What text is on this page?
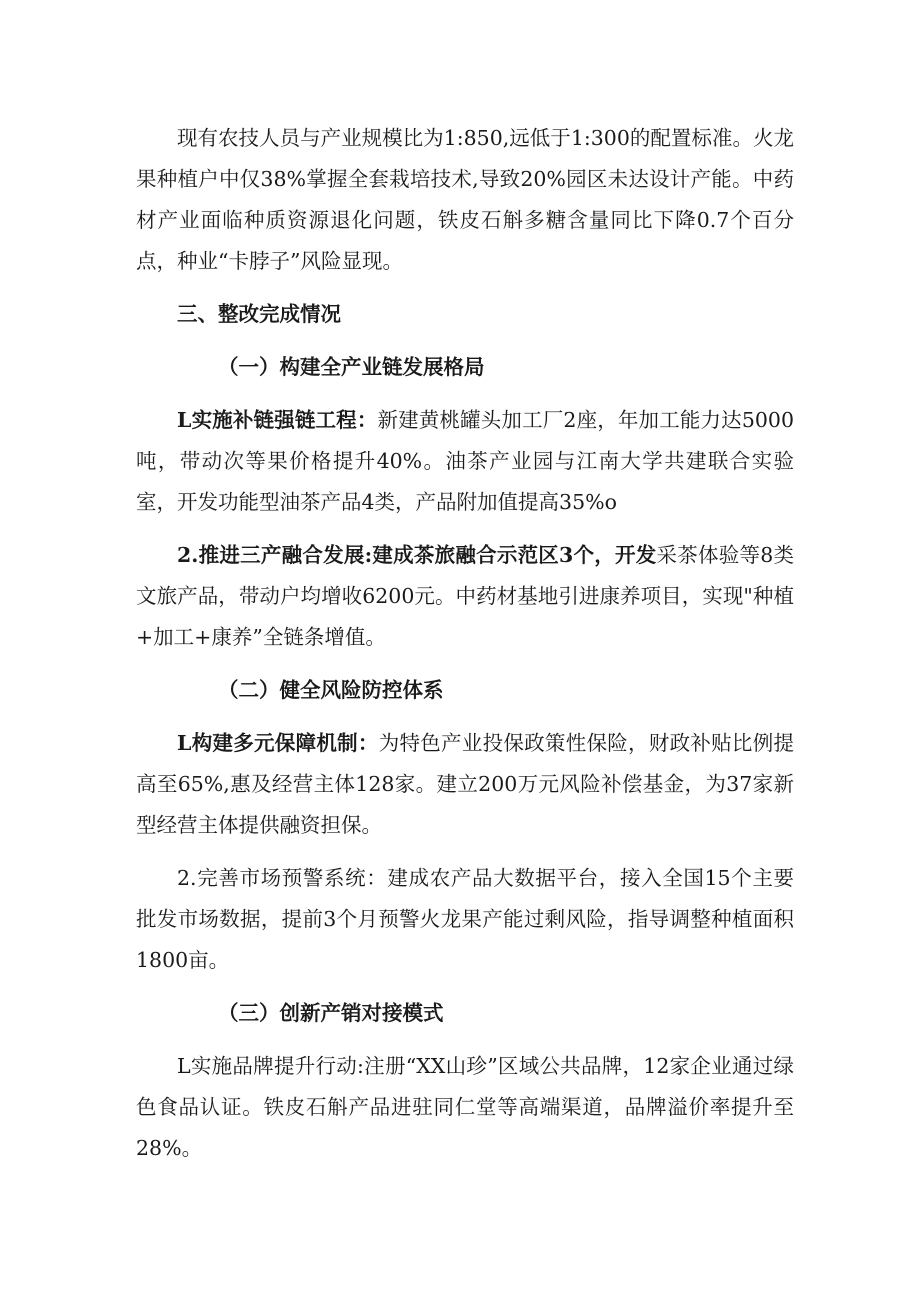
现有农技人员与产业规模比为1:850,远低于1:300的配置标准。火龙果种植户中仅38%掌握全套栽培技术,导致20%园区未达设计产能。中药材产业面临种质资源退化问题，铁皮石斛多糖含量同比下降0.7个百分点，种业“卡脖子”风险显现。

三、整改完成情况

（一）构建全产业链发展格局

L实施补链强链工程：新建黄桃罐头加工厂2座，年加工能力达5000吨，带动次等果价格提升40%。油茶产业园与江南大学共建联合实验室，开发功能型油茶产品4类，产品附加值提高35%o

2.推进三产融合发展:建成茶旅融合示范区3个，开发采茶体验等8类文旅产品，带动户均增收6200元。中药材基地引进康养项目，实现"种植+加工+康养”全链条增值。

（二）健全风险防控体系

L构建多元保障机制：为特色产业投保政策性保险，财政补贴比例提高至65%,惠及经营主体128家。建立200万元风险补偿基金，为37家新型经营主体提供融资担保。

2.完善市场预警系统：建成农产品大数据平台，接入全国15个主要批发市场数据，提前3个月预警火龙果产能过剩风险，指导调整种植面积1800亩。

（三）创新产销对接模式

L实施品牌提升行动:注册“XX山珍”区域公共品牌，12家企业通过绿色食品认证。铁皮石斛产品进驻同仁堂等高端渠道，品牌溢价率提升至28%。
